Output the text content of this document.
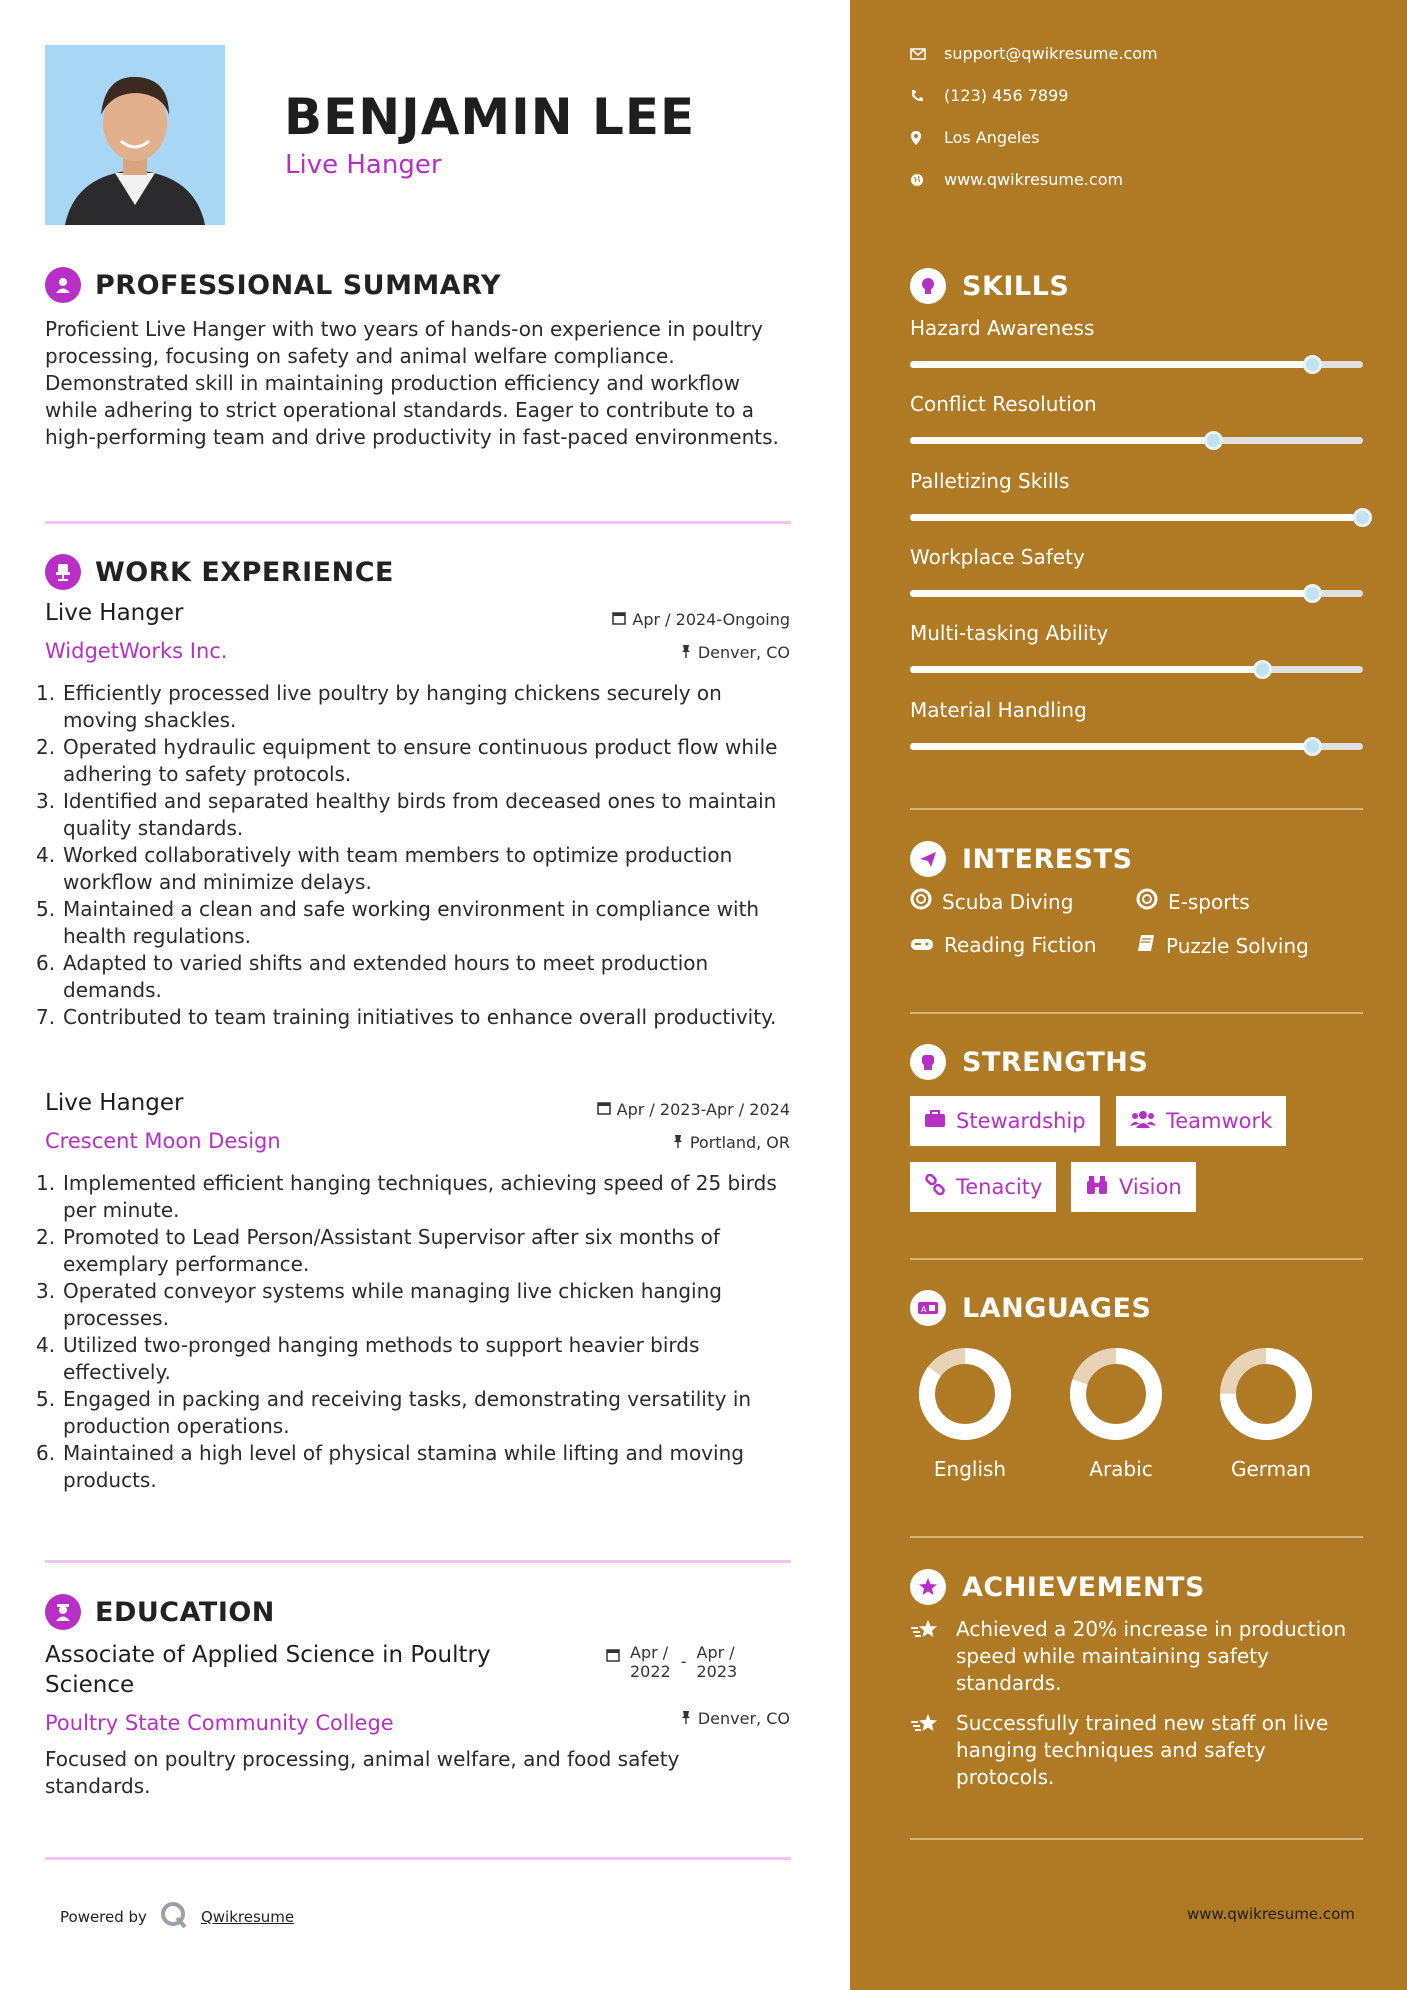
BENJAMIN LEE
Live Hanger
PROFESSIONAL SUMMARY
Proficient Live Hanger with two years of hands-on experience in poultry processing, focusing on safety and animal welfare compliance. Demonstrated skill in maintaining production efficiency and workflow while adhering to strict operational standards. Eager to contribute to a high-performing team and drive productivity in fast-paced environments.
WORK EXPERIENCE
Live Hanger	Apr / 2024-Ongoing
WidgetWorks Inc.	Denver, CO
1. Efficiently processed live poultry by hanging chickens securely on moving shackles.
2. Operated hydraulic equipment to ensure continuous product flow while adhering to safety protocols.
3. Identified and separated healthy birds from deceased ones to maintain quality standards.
4. Worked collaboratively with team members to optimize production workflow and minimize delays.
5. Maintained a clean and safe working environment in compliance with health regulations.
6. Adapted to varied shifts and extended hours to meet production demands.
7. Contributed to team training initiatives to enhance overall productivity.
Live Hanger	Apr / 2023-Apr / 2024
Crescent Moon Design	Portland, OR
1. Implemented efficient hanging techniques, achieving speed of 25 birds per minute.
2. Promoted to Lead Person/Assistant Supervisor after six months of exemplary performance.
3. Operated conveyor systems while managing live chicken hanging processes.
4. Utilized two-pronged hanging methods to support heavier birds effectively.
5. Engaged in packing and receiving tasks, demonstrating versatility in production operations.
6. Maintained a high level of physical stamina while lifting and moving products.
EDUCATION
Associate of Applied Science in Poultry
Science
Apr /
2022
- Apr /
2023
Poultry State Community College	Denver, CO
Focused on poultry processing, animal welfare, and food safety standards.
Powered by	Qwikresume
support@qwikresume.com
(123) 456 7899
Los Angeles
www.qwikresume.com
SKILLS
Hazard Awareness
Conflict Resolution
Palletizing Skills
Workplace Safety
Multi-tasking Ability
Material Handling
INTERESTS
Scuba Diving	E-sports
Reading Fiction	Puzzle Solving
STRENGTHS
Stewardship	Teamwork
Tenacity	Vision
A LANGUAGES
English	Arabic	German
ACHIEVEMENTS
Achieved a 20% increase in production speed while maintaining safety standards.
Successfully trained new staff on live hanging techniques and safety protocols.
www.qwikresume.com
